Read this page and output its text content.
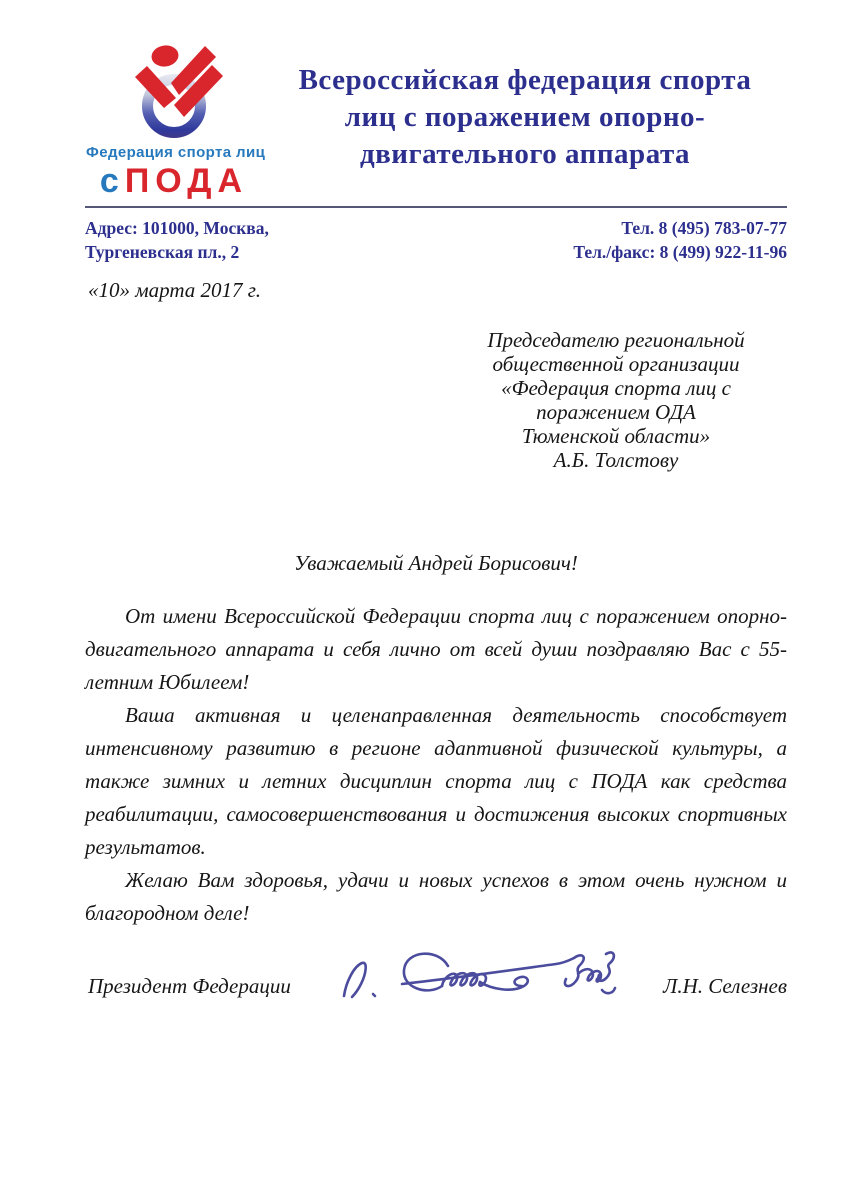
Федерация спорта лиц
сПОДА
Всероссийская федерация спорта
лиц с поражением опорно-
двигательного аппарата
Адрес: 101000, Москва,
Тургеневская пл., 2
Тел. 8 (495) 783-07-77
Тел./факс: 8 (499) 922-11-96
«10» марта 2017 г.
Председателю региональной
общественной организации
«Федерация спорта лиц с
поражением ОДА
Тюменской области»
А.Б. Толстову
Уважаемый Андрей Борисович!

От имени Всероссийской Федерации спорта лиц с поражением опорно-двигательного аппарата и себя лично от всей души поздравляю Вас с 55-летним Юбилеем!

Ваша активная и целенаправленная деятельность способствует интенсивному развитию в регионе адаптивной физической культуры, а также зимних и летних дисциплин спорта лиц с ПОДА как средства реабилитации, самосовершенствования и достижения высоких спортивных результатов.

Желаю Вам здоровья, удачи и новых успехов в этом очень нужном и благородном деле!

Президент Федерации	Л.Н. Селезнев
